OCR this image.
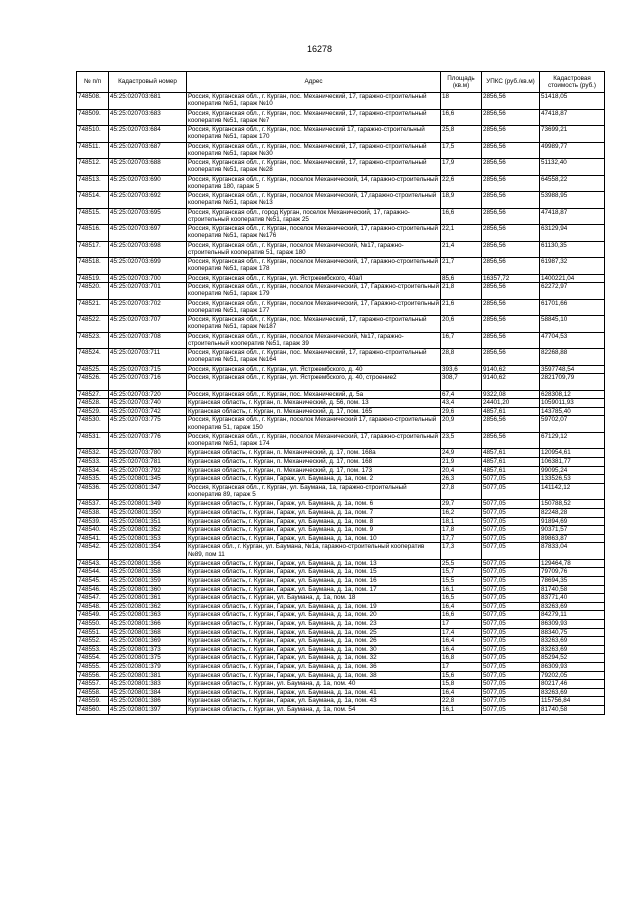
16278
№ п/п	Кадастровый номер	Адрес	Площадь (кв.м)	УПКС (руб./кв.м)	Кадастровая стоимость (руб.)
748508.	45:25:020703:681	Россия, Курганская обл., г. Курган, пос. Механический, 17, гаражно-строительный кооператив №51, гараж №10	18	2856,56	51418,05
748509.	45:25:020703:683	Россия, Курганская обл., г. Курган, пос. Механический, 17, гаражно-строительный кооператив №51, гараж №7	16,6	2856,56	47418,87
748510.	45:25:020703:684	Россия, Курганская обл., г. Курган, пос. Механический 17, гаражно-строительный кооператив №51, гараж 170	25,8	2856,56	73699,21
748511.	45:25:020703:687	Россия, Курганская обл., г. Курган, пос. Механический, 17, гаражно-строительный кооператив №51, гараж №30	17,5	2856,56	49989,77
748512.	45:25:020703:688	Россия, Курганская обл., г. Курган, пос. Механический, 17, гаражно-строительный кооператив №51, гараж №28	17,9	2856,56	51132,40
748513.	45:25:020703:690	Россия, Курганская обл., г. Курган, поселок Механический, 14, гаражно-строительный кооператив 180, гараж 5	22,6	2856,56	64558,22
748514.	45:25:020703:692	Россия, Курганская обл., г. Курган, поселок Механический, 17,гаражно-строительный кооператив №51, гараж №13	18,9	2856,56	53988,95
748515.	45:25:020703:695	Россия, Курганская обл., город Курган, поселок Механический, 17, гаражно-строительный кооператив №51, гараж 25	16,6	2856,56	47418,87
748516.	45:25:020703:697	Россия, Курганская обл., г. Курган, поселок Механический, 17, гаражно-строительный кооператив №51, гараж №176	22,1	2856,56	63129,94
748517.	45:25:020703:698	Россия, Курганская обл., г. Курган, поселок Механический, №17, гаражно-строительный кооператив 51, гараж 180	21,4	2856,56	61130,35
748518.	45:25:020703:699	Россия, Курганская обл., г. Курган, поселок Механический, 17, гаражно-строительный кооператив №51, гараж 178	21,7	2856,56	61987,32
748519.	45:25:020703:700	Россия, Курганская обл., г. Курган, ул. Ястржембского, 40а/I	85,6	16357,72	1400221,04
748520.	45:25:020703:701	Россия, Курганская обл., г. Курган, поселок Механический, 17, Гаражно-строительный кооператив №51, гараж 179	21,8	2856,56	62272,97
748521.	45:25:020703:702	Россия, Курганская обл., г. Курган, поселок Механический, 17, Гаражно-строительный кооператив №51, гараж 177	21,6	2856,56	61701,66
748522.	45:25:020703:707	Россия, Курганская обл., г. Курган, пос. Механический, 17, гаражно-строительный кооператив №51, гараж №187	20,6	2856,56	58845,10
748523.	45:25:020703:708	Россия, Курганская обл., г. Курган, поселок Механический, №17, гаражно-строительный кооператив №51, гараж 39	16,7	2856,56	47704,53
748524.	45:25:020703:711	Россия, Курганская обл., г. Курган, пос. Механический, 17, гаражно-строительный кооператив №51, гараж №164	28,8	2856,56	82268,88
748525.	45:25:020703:715	Россия, Курганская обл., г. Курган, ул. Ястржембского, д. 40	393,6	9140,62	3597748,54
748526.	45:25:020703:716	Россия, Курганская обл., г. Курган, ул. Ястржембского, д. 40, строение2	308,7	9140,62	2821709,79
748527.	45:25:020703:720	Россия, Курганская обл., г. Курган, пос. Механический, д. 5а	67,4	9322,08	628308,12
748528.	45:25:020703:740	Курганская область, г. Курган, п. Механический, д. 56, пом. 13	43,4	24401,20	1059011,93
748529.	45:25:020703:742	Курганская область, г. Курган, п. Механический, д. 17, пом. 165	29,6	4857,61	143785,40
748530.	45:25:020703:775	Россия, Курганская обл., г. Курган, поселок Механический 17, гаражно-строительный кооператив 51, гараж 150	20,9	2856,56	59702,07
748531.	45:25:020703:776	Россия, Курганская обл., г. Курган, поселок Механический, 17, гаражно-строительный кооператив №51, гараж 174	23,5	2856,56	67129,12
748532.	45:25:020703:780	Курганская область, г. Курган, п. Механический, д. 17, пом. 168а	24,9	4857,61	120954,61
748533.	45:25:020703:781	Курганская область, г. Курган, п. Механический, д. 17, пом. 168	21,9	4857,61	106381,77
748534.	45:25:020703:792	Курганская область, г. Курган, п. Механический, д. 17, пом. 173	20,4	4857,61	99095,24
748535.	45:25:020801:345	Курганская область, г. Курган, Гараж, ул. Баумана, д. 1а, пом. 2	26,3	5077,05	133526,53
748536.	45:25:020801:347	Россия, Курганская обл., г. Курган, ул. Баумана, 1а, гаражно-строительный кооператив 89, гараж 5	27,8	5077,05	141142,12
748537.	45:25:020801:349	Курганская область, г. Курган, Гараж, ул. Баумана, д. 1а, пом. 6	29,7	5077,05	150788,52
748538.	45:25:020801:350	Курганская область, г. Курган, Гараж, ул. Баумана, д. 1а, пом. 7	16,2	5077,05	82248,28
748539.	45:25:020801:351	Курганская область, г. Курган, Гараж, ул. Баумана, д. 1а, пом. 8	18,1	5077,05	91894,69
748540.	45:25:020801:352	Курганская область, г. Курган, Гараж, ул. Баумана, д. 1а, пом. 9	17,8	5077,05	90371,57
748541.	45:25:020801:353	Курганская область, г. Курган, Гараж, ул. Баумана, д. 1а, пом. 10	17,7	5077,05	89863,87
748542.	45:25:020801:354	Курганская обл., г. Курган, ул. Баумана, №1а, гаражно-строительный кооператив №89, пом 11	17,3	5077,05	87833,04
748543.	45:25:020801:356	Курганская область, г. Курган, Гараж, ул. Баумана, д. 1а, пом. 13	25,5	5077,05	129464,78
748544.	45:25:020801:358	Курганская область, г. Курган, Гараж, ул. Баумана, д. 1а, пом. 15	15,7	5077,05	79709,76
748545.	45:25:020801:359	Курганская область, г. Курган, Гараж, ул. Баумана, д. 1а, пом. 16	15,5	5077,05	78694,35
748546.	45:25:020801:360	Курганская область, г. Курган, Гараж, ул. Баумана, д. 1а, пом. 17	16,1	5077,05	81740,58
748547.	45:25:020801:361	Курганская область, г. Курган, ул. Баумана, д. 1а, пом. 18	16,5	5077,05	83771,40
748548.	45:25:020801:362	Курганская область, г. Курган, Гараж, ул. Баумана, д. 1а, пом. 19	16,4	5077,05	83263,69
748549.	45:25:020801:363	Курганская область, г. Курган, Гараж, ул. Баумана, д. 1а, пом. 20	16,6	5077,05	84279,11
748550.	45:25:020801:366	Курганская область, г. Курган, Гараж, ул. Баумана, д. 1а, пом. 23	17	5077,05	86309,93
748551.	45:25:020801:368	Курганская область, г. Курган, Гараж, ул. Баумана, д. 1а, пом. 25	17,4	5077,05	88340,75
748552.	45:25:020801:369	Курганская область, г. Курган, Гараж, ул. Баумана, д. 1а, пом. 26	16,4	5077,05	83263,69
748553.	45:25:020801:373	Курганская область, г. Курган, Гараж, ул. Баумана, д. 1а, пом. 30	16,4	5077,05	83263,69
748554.	45:25:020801:375	Курганская область, г. Курган, Гараж, ул. Баумана, д. 1а, пом. 32	16,8	5077,05	85294,52
748555.	45:25:020801:379	Курганская область, г. Курган, Гараж, ул. Баумана, д. 1а, пом. 36	17	5077,05	86309,93
748556.	45:25:020801:381	Курганская область, г. Курган, Гараж, ул. Баумана, д. 1а, пом. 38	15,6	5077,05	79202,05
748557.	45:25:020801:383	Курганская область, г. Курган, ул. Баумана, д. 1а, пом. 40	15,8	5077,05	80217,46
748558.	45:25:020801:384	Курганская область, г. Курган, Гараж, ул. Баумана, д. 1а, пом. 41	16,4	5077,05	83263,69
748559.	45:25:020801:386	Курганская область, г. Курган, Гараж, ул. Баумана, д. 1а, пом. 43	22,8	5077,05	115756,84
748560.	45:25:020801:397	Курганская область, г. Курган, ул. Баумана, д. 1а, пом. 54	16,1	5077,05	81740,58
